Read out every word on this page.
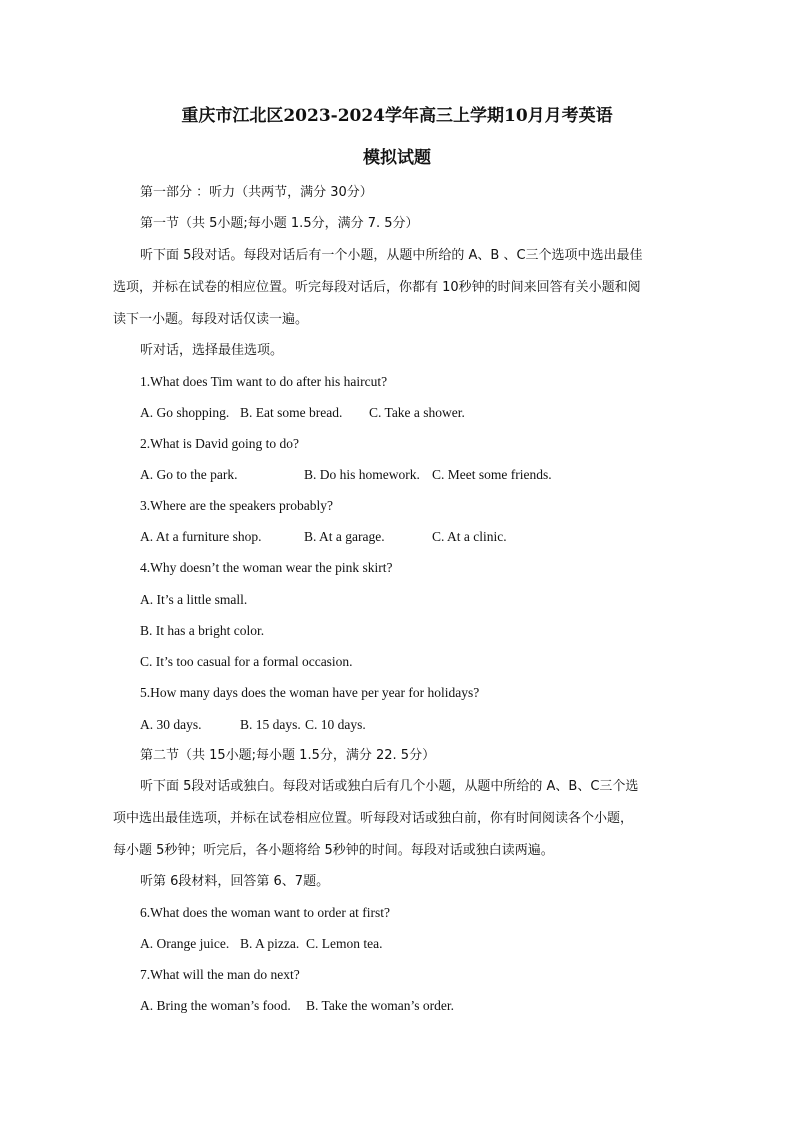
重庆市江北区2023-2024学年高三上学期10月月考英语
模拟试题
第一部分 ：听力（共两节，满分 30分）
第一节（共 5小题;每小题 1.5分，满分 7. 5分）
听下面 5段对话。每段对话后有一个小题，从题中所给的 A、B 、C三个选项中选出最佳
选项，并标在试卷的相应位置。听完每段对话后，你都有 10秒钟的时间来回答有关小题和阅
读下一小题。每段对话仅读一遍。
听对话，选择最佳选项。
1.What does Tim want to do after his haircut?
A. Go shopping. B. Eat some bread. C. Take a shower.
2.What is David going to do?
A. Go to the park.	B. Do his homework. C. Meet some friends.
3.Where are the speakers probably?
A. At a furniture shop.	B. At a garage.	C. At a clinic.
4.Why doesn’t the woman wear the pink skirt?
A. It’s a little small.
B. It has a bright color.
C. It’s too casual for a formal occasion.
5.How many days does the woman have per year for holidays?
A. 30 days.	B. 15 days. C. 10 days.
第二节（共 15小题;每小题 1.5分，满分 22. 5分）
听下面 5段对话或独白。每段对话或独白后有几个小题，从题中所给的 A、B、C三个选
项中选出最佳选项，并标在试卷相应位置。听每段对话或独白前，你有时间阅读各个小题，
每小题 5秒钟；听完后，各小题将给 5秒钟的时间。每段对话或独白读两遍。
听第 6段材料，回答第 6、7题。
6.What does the woman want to order at first?
A. Orange juice. B. A pizza. C. Lemon tea.
7.What will the man do next?
A. Bring the woman’s food. B. Take the woman’s order.
